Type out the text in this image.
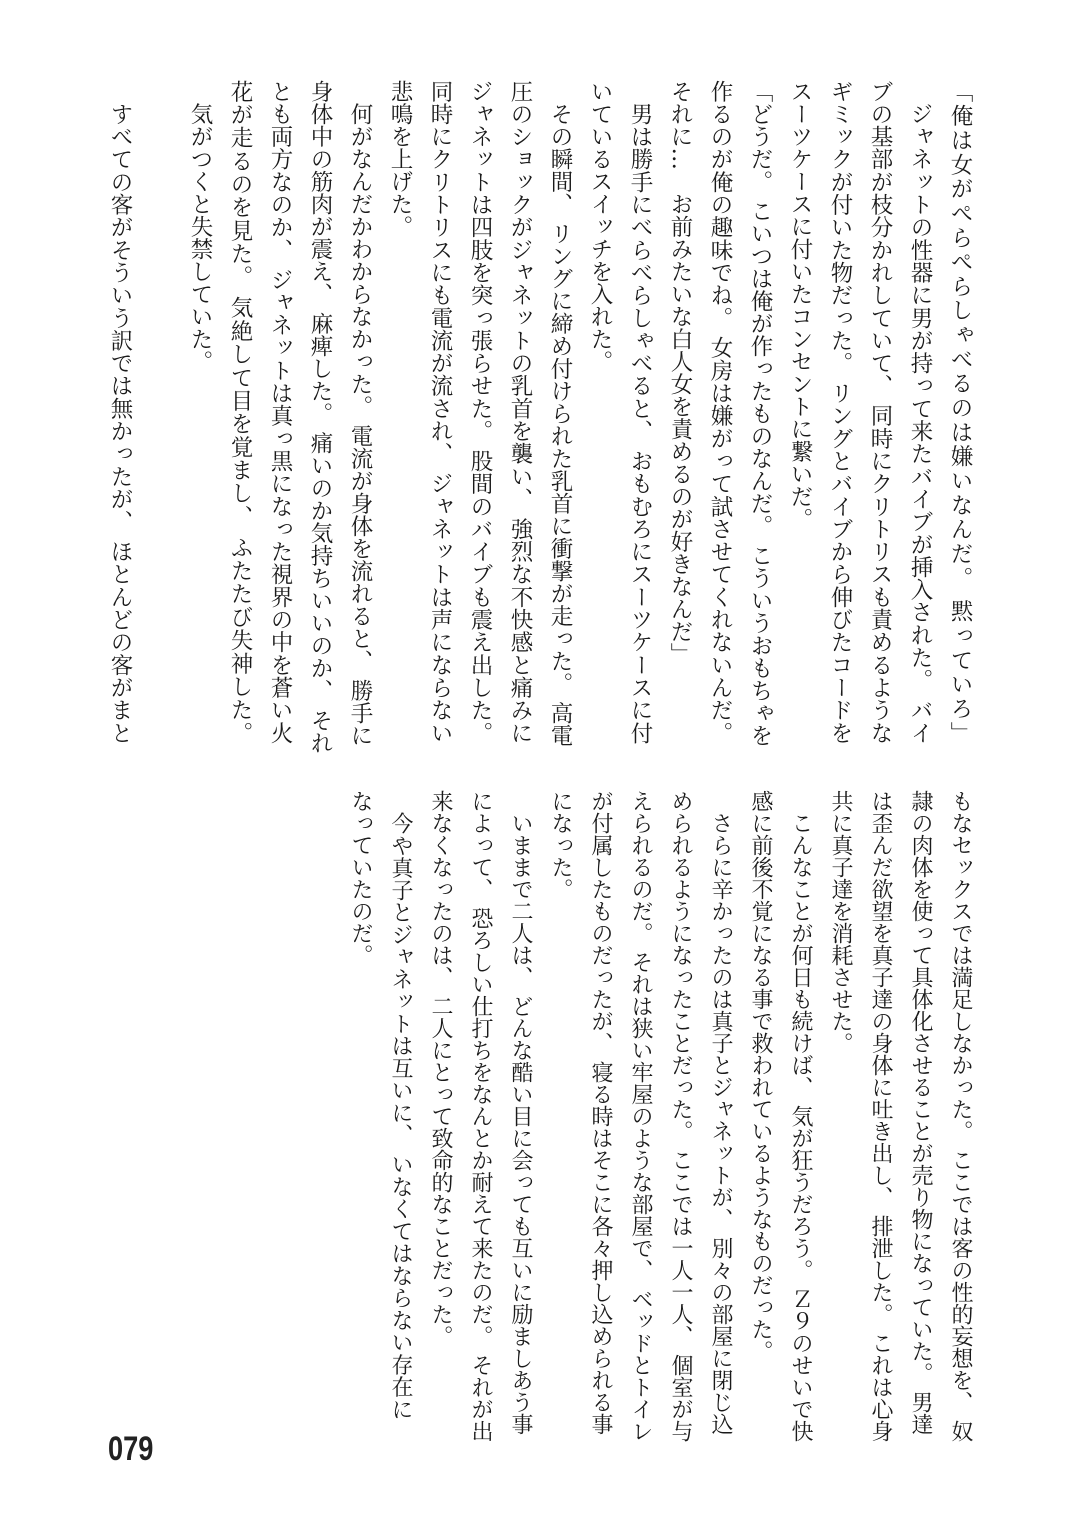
「俺は女がぺらぺらしゃべるのは嫌いなんだ。 黙っていろ」
　ジャネットの性器に男が持って来たバイブが挿入された。 バイ
ブの基部が枝分かれしていて、 同時にクリトリスも責めるような
ギミックが付いた物だった。 リングとバイブから伸びたコードを
スーツケースに付いたコンセントに繋いだ。
「どうだ。 こいつは俺が作ったものなんだ。 こういうおもちゃを
作るのが俺の趣味でね。 女房は嫌がって試させてくれないんだ。
それに…　お前みたいな白人女を責めるのが好きなんだ」
　男は勝手にべらべらしゃべると、 おもむろにスーツケースに付
いているスイッチを入れた。
　その瞬間、 リングに締め付けられた乳首に衝撃が走った。 高電
圧のショックがジャネットの乳首を襲い、 強烈な不快感と痛みに
ジャネットは四肢を突っ張らせた。 股間のバイブも震え出した。
同時にクリトリスにも電流が流され、 ジャネットは声にならない
悲鳴を上げた。
　何がなんだかわからなかった。 電流が身体を流れると、 勝手に
身体中の筋肉が震え、 麻痺した。 痛いのか気持ちいいのか、 それ
とも両方なのか、 ジャネットは真っ黒になった視界の中を蒼い火
花が走るのを見た。 気絶して目を覚まし、 ふたたび失神した。
　気がつくと失禁していた。
　すべての客がそういう訳では無かったが、 ほとんどの客がまと
もなセックスでは満足しなかった。 ここでは客の性的妄想を、 奴
隷の肉体を使って具体化させることが売り物になっていた。 男達
は歪んだ欲望を真子達の身体に吐き出し、 排泄した。 これは心身
共に真子達を消耗させた。
　こんなことが何日も続けば、 気が狂うだろう。 Ｚ９のせいで快
感に前後不覚になる事で救われているようなものだった。
　さらに辛かったのは真子とジャネットが、 別々の部屋に閉じ込
められるようになったことだった。 ここでは一人一人、 個室が与
えられるのだ。 それは狭い牢屋のような部屋で、 ベッドとトイレ
が付属したものだったが、 寝る時はそこに各々押し込められる事
になった。
　いままで二人は、 どんな酷い目に会っても互いに励ましあう事
によって、 恐ろしい仕打ちをなんとか耐えて来たのだ。 それが出
来なくなったのは、 二人にとって致命的なことだった。
　今や真子とジャネットは互いに、 いなくてはならない存在に
なっていたのだ。
079
